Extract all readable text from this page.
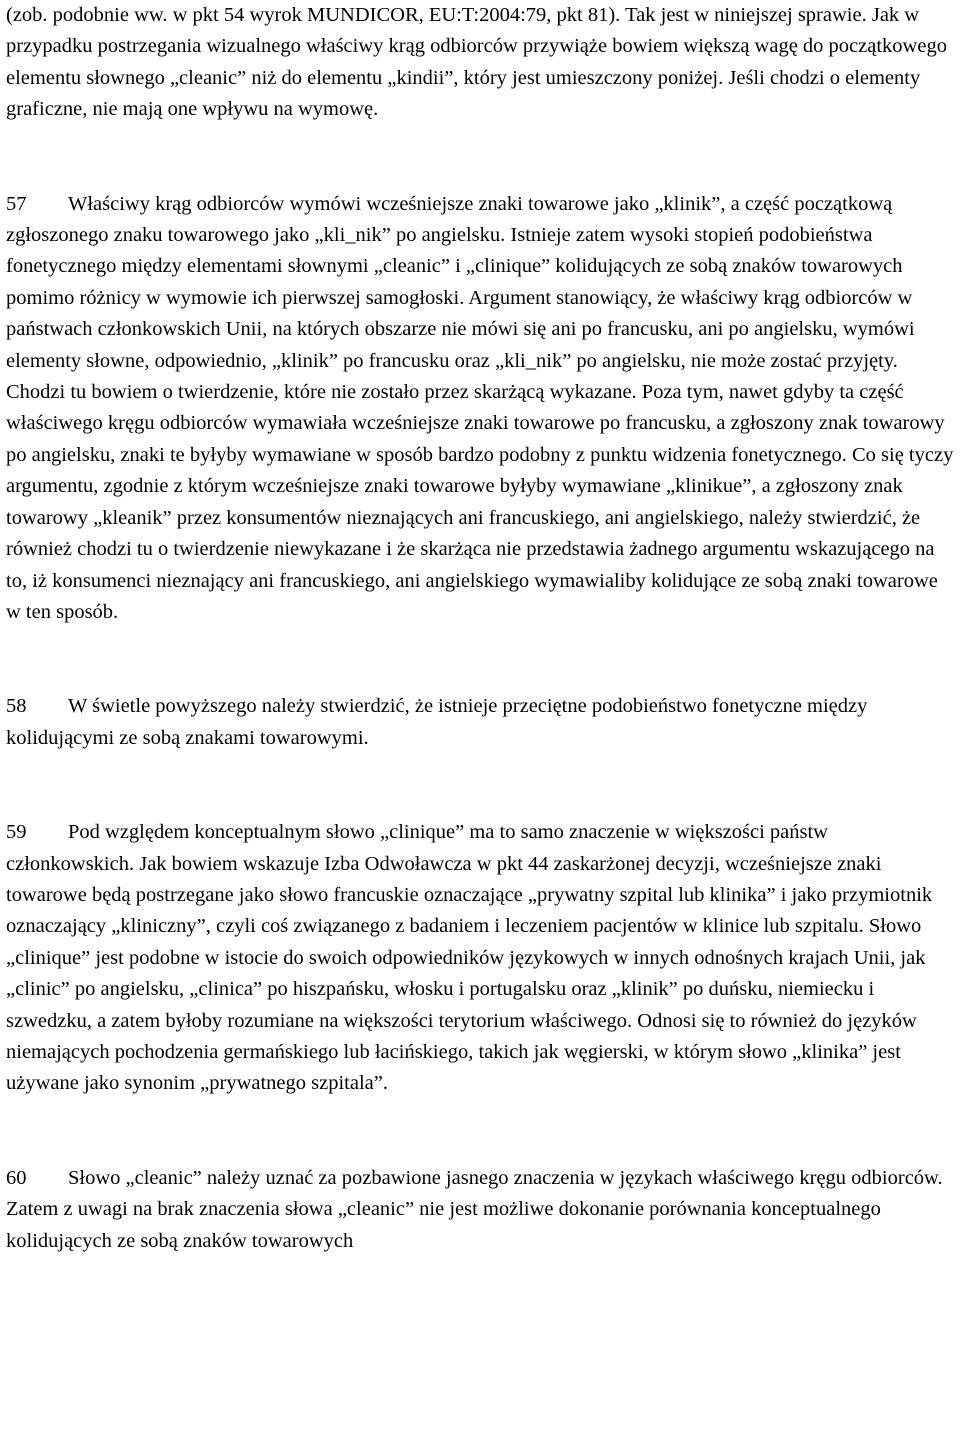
(zob. podobnie ww. w pkt 54 wyrok MUNDICOR, EU:T:2004:79, pkt 81). Tak jest w niniejszej sprawie. Jak w przypadku postrzegania wizualnego właściwy krąg odbiorców przywiąże bowiem większą wagę do początkowego elementu słownego „cleanic” niż do elementu „kindii”, który jest umieszczony poniżej. Jeśli chodzi o elementy graficzne, nie mają one wpływu na wymowę.

57 Właściwy krąg odbiorców wymówi wcześniejsze znaki towarowe jako „klinik”, a część początkową zgłoszonego znaku towarowego jako „kli_nik” po angielsku. Istnieje zatem wysoki stopień podobieństwa fonetycznego między elementami słownymi „cleanic” i „clinique” kolidujących ze sobą znaków towarowych pomimo różnicy w wymowie ich pierwszej samogłoski. Argument stanowiący, że właściwy krąg odbiorców w państwach członkowskich Unii, na których obszarze nie mówi się ani po francusku, ani po angielsku, wymówi elementy słowne, odpowiednio, „klinik” po francusku oraz „kli_nik” po angielsku, nie może zostać przyjęty. Chodzi tu bowiem o twierdzenie, które nie zostało przez skarżącą wykazane. Poza tym, nawet gdyby ta część właściwego kręgu odbiorców wymawiała wcześniejsze znaki towarowe po francusku, a zgłoszony znak towarowy po angielsku, znaki te byłyby wymawiane w sposób bardzo podobny z punktu widzenia fonetycznego. Co się tyczy argumentu, zgodnie z którym wcześniejsze znaki towarowe byłyby wymawiane „klinikue”, a zgłoszony znak towarowy „kleanik” przez konsumentów nieznających ani francuskiego, ani angielskiego, należy stwierdzić, że również chodzi tu o twierdzenie niewykazane i że skarżąca nie przedstawia żadnego argumentu wskazującego na to, iż konsumenci nieznający ani francuskiego, ani angielskiego wymawialiby kolidujące ze sobą znaki towarowe w ten sposób.

58 W świetle powyższego należy stwierdzić, że istnieje przeciętne podobieństwo fonetyczne między kolidującymi ze sobą znakami towarowymi.

59 Pod względem konceptualnym słowo „clinique” ma to samo znaczenie w większości państw członkowskich. Jak bowiem wskazuje Izba Odwoławcza w pkt 44 zaskarżonej decyzji, wcześniejsze znaki towarowe będą postrzegane jako słowo francuskie oznaczające „prywatny szpital lub klinika” i jako przymiotnik oznaczający „kliniczny”, czyli coś związanego z badaniem i leczeniem pacjentów w klinice lub szpitalu. Słowo „clinique” jest podobne w istocie do swoich odpowiedników językowych w innych odnośnych krajach Unii, jak „clinic” po angielsku, „clinica” po hiszpańsku, włosku i portugalsku oraz „klinik” po duńsku, niemiecku i szwedzku, a zatem byłoby rozumiane na większości terytorium właściwego. Odnosi się to również do języków niemających pochodzenia germańskiego lub łacińskiego, takich jak węgierski, w którym słowo „klinika” jest używane jako synonim „prywatnego szpitala”.

60 Słowo „cleanic” należy uznać za pozbawione jasnego znaczenia w językach właściwego kręgu odbiorców. Zatem z uwagi na brak znaczenia słowa „cleanic” nie jest możliwe dokonanie porównania konceptualnego kolidujących ze sobą znaków towarowych
